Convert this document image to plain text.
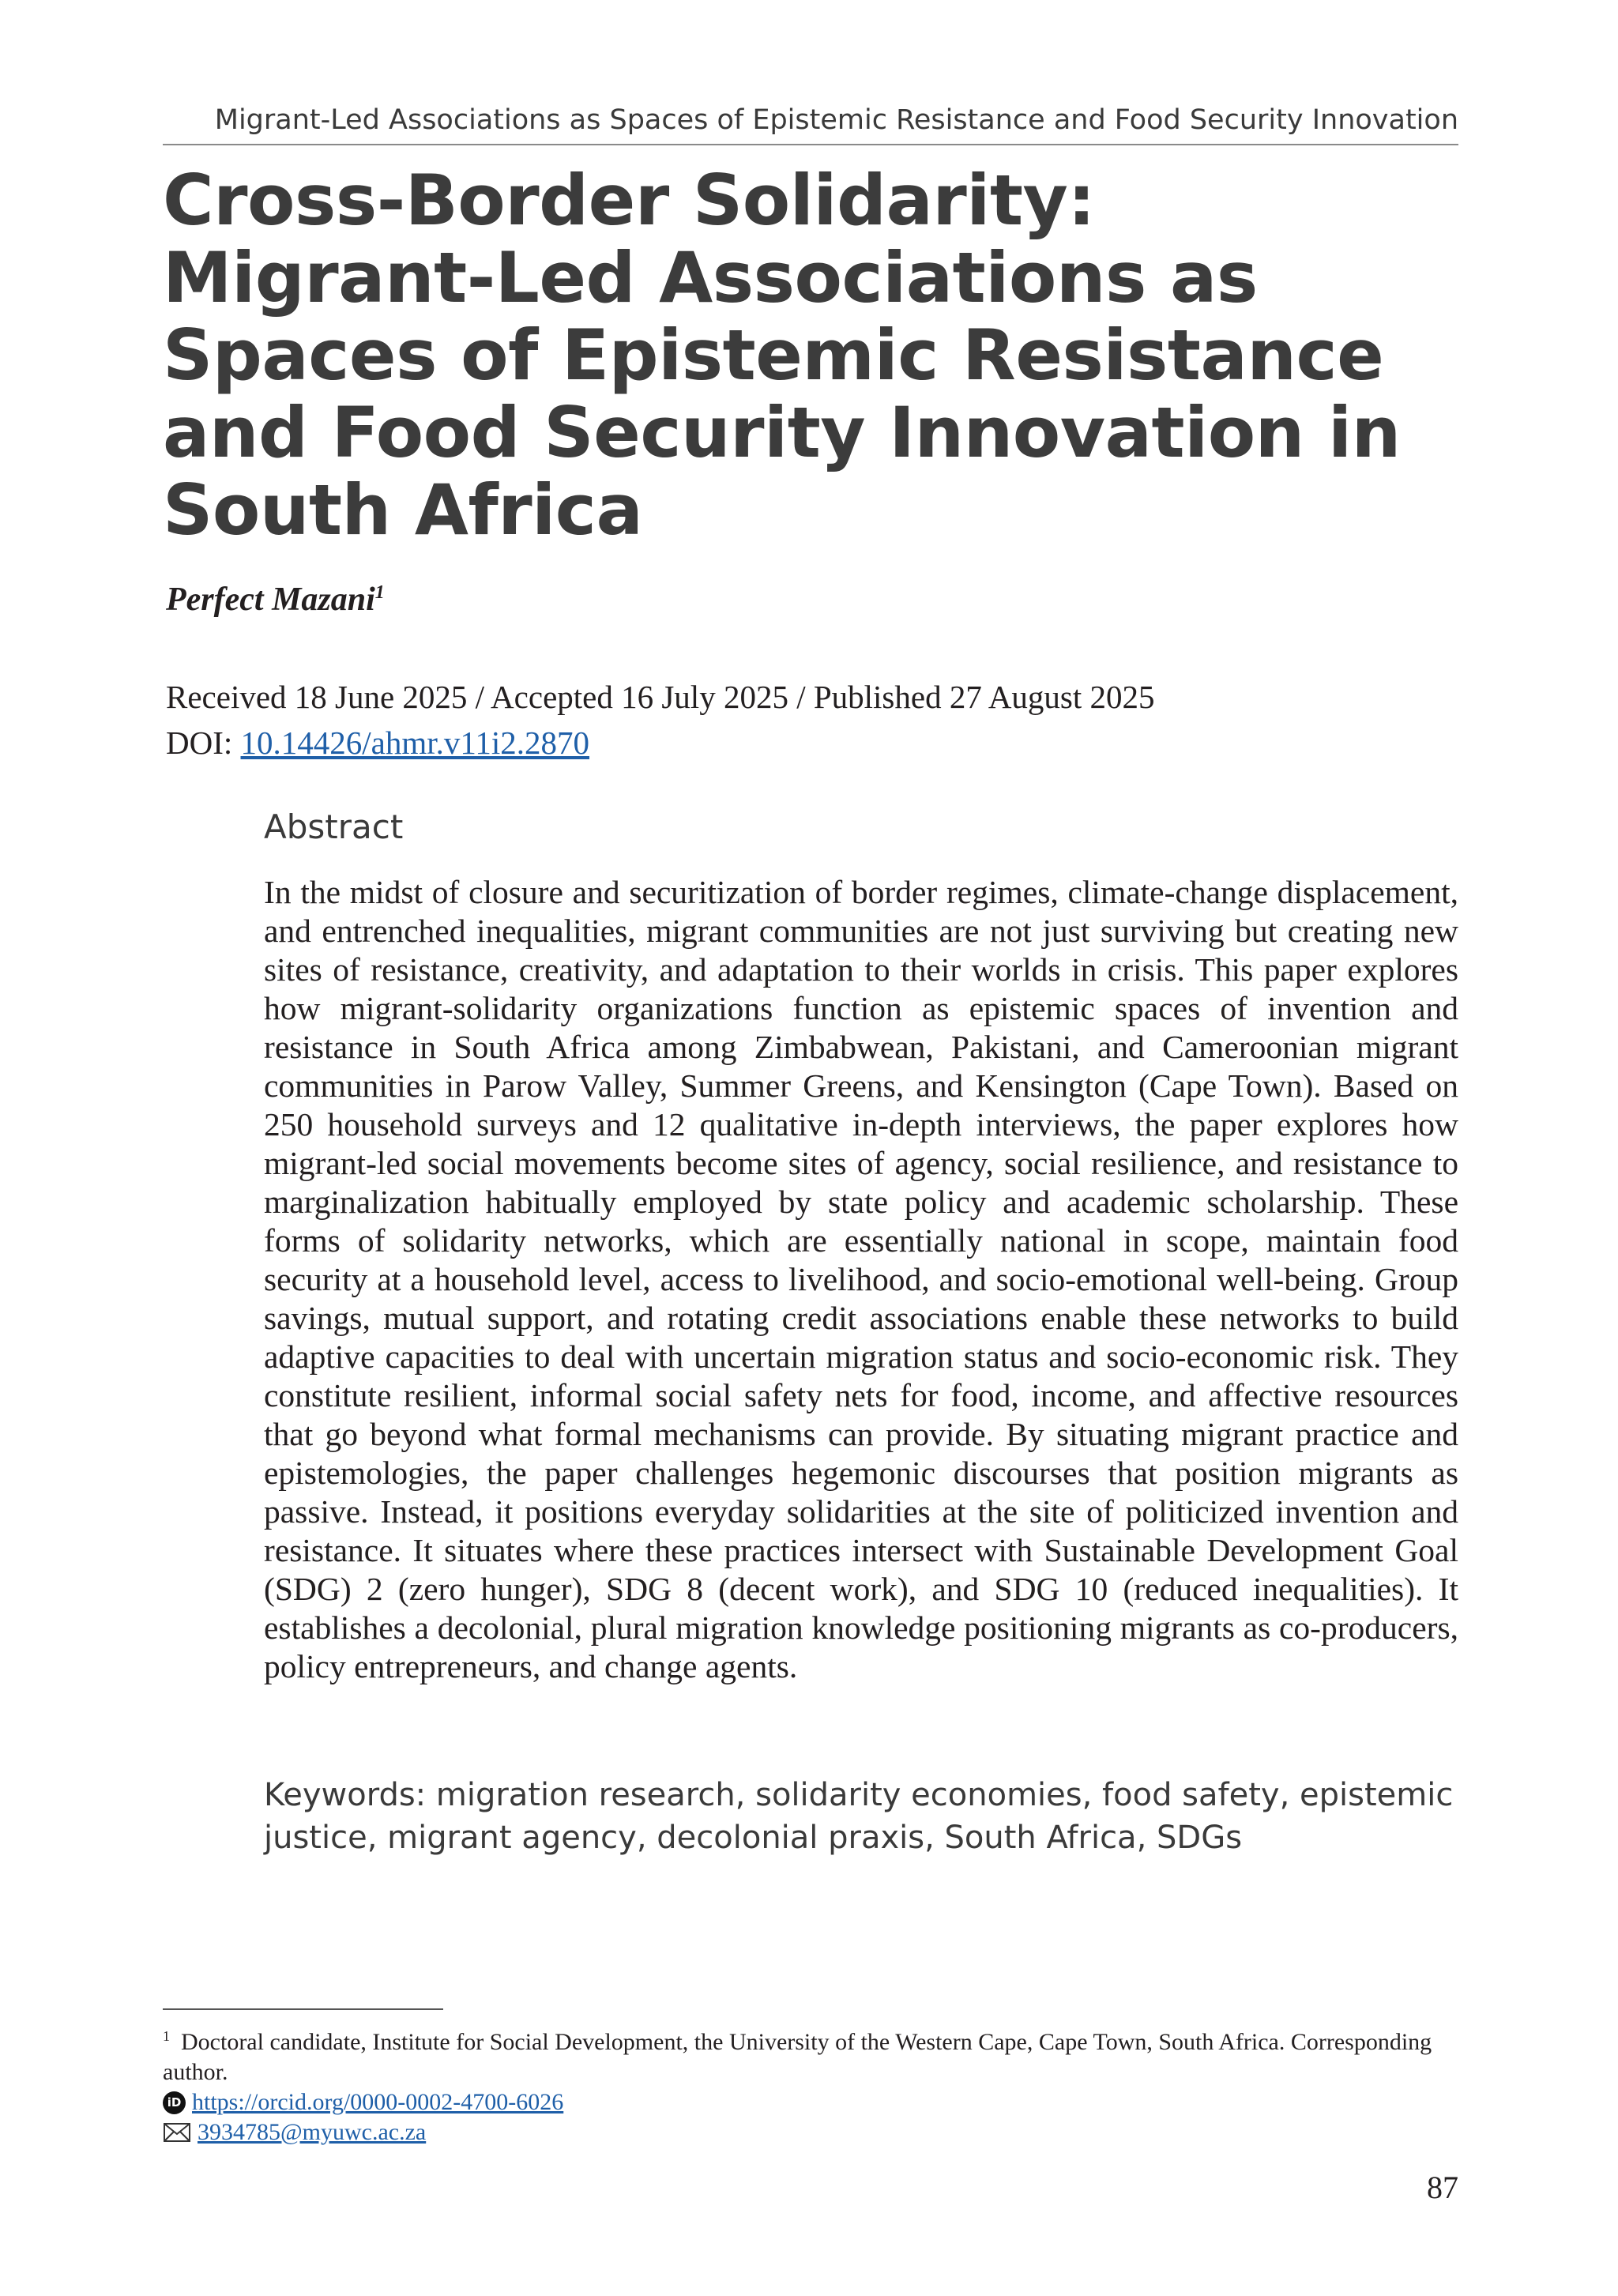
Migrant-Led Associations as Spaces of Epistemic Resistance and Food Security Innovation
Cross-Border Solidarity:
Migrant-Led Associations as
Spaces of Epistemic Resistance
and Food Security Innovation in
South Africa
Perfect Mazani$^1$
Received 18 June 2025 / Accepted 16 July 2025 / Published 27 August 2025
DOI: 10.14426/ahmr.v11i2.2870
Abstract

In the midst of closure and securitization of border regimes, climate-change displacement, and entrenched inequalities, migrant communities are not just surviving but creating new sites of resistance, creativity, and adaptation to their worlds in crisis. This paper explores how migrant-solidarity organizations function as epistemic spaces of invention and resistance in South Africa among Zimbabwean, Pakistani, and Cameroonian migrant communities in Parow Valley, Summer Greens, and Kensington (Cape Town). Based on 250 household surveys and 12 qualitative in-depth interviews, the paper explores how migrant-led social movements become sites of agency, social resilience, and resistance to marginalization habitually employed by state policy and academic scholarship. These forms of solidarity networks, which are essentially national in scope, maintain food security at a household level, access to livelihood, and socio-emotional well-being. Group savings, mutual support, and rotating credit associations enable these networks to build adaptive capacities to deal with uncertain migration status and socio-economic risk. They constitute resilient, informal social safety nets for food, income, and affective resources that go beyond what formal mechanisms can provide. By situating migrant practice and epistemologies, the paper challenges hegemonic discourses that position migrants as passive. Instead, it positions everyday solidarities at the site of politicized invention and resistance. It situates where these practices intersect with Sustainable Development Goal (SDG) 2 (zero hunger), SDG 8 (decent work), and SDG 10 (reduced inequalities). It establishes a decolonial, plural migration knowledge positioning migrants as co-producers, policy entrepreneurs, and change agents.

Keywords: migration research, solidarity economies, food safety, epistemic justice, migrant agency, decolonial praxis, South Africa, SDGs

$^1$ Doctoral candidate, Institute for Social Development, the University of the Western Cape, Cape Town, South Africa. Corresponding author.
iD https://orcid.org/0000-0002-4700-6026
3934785@myuwc.ac.za
87
